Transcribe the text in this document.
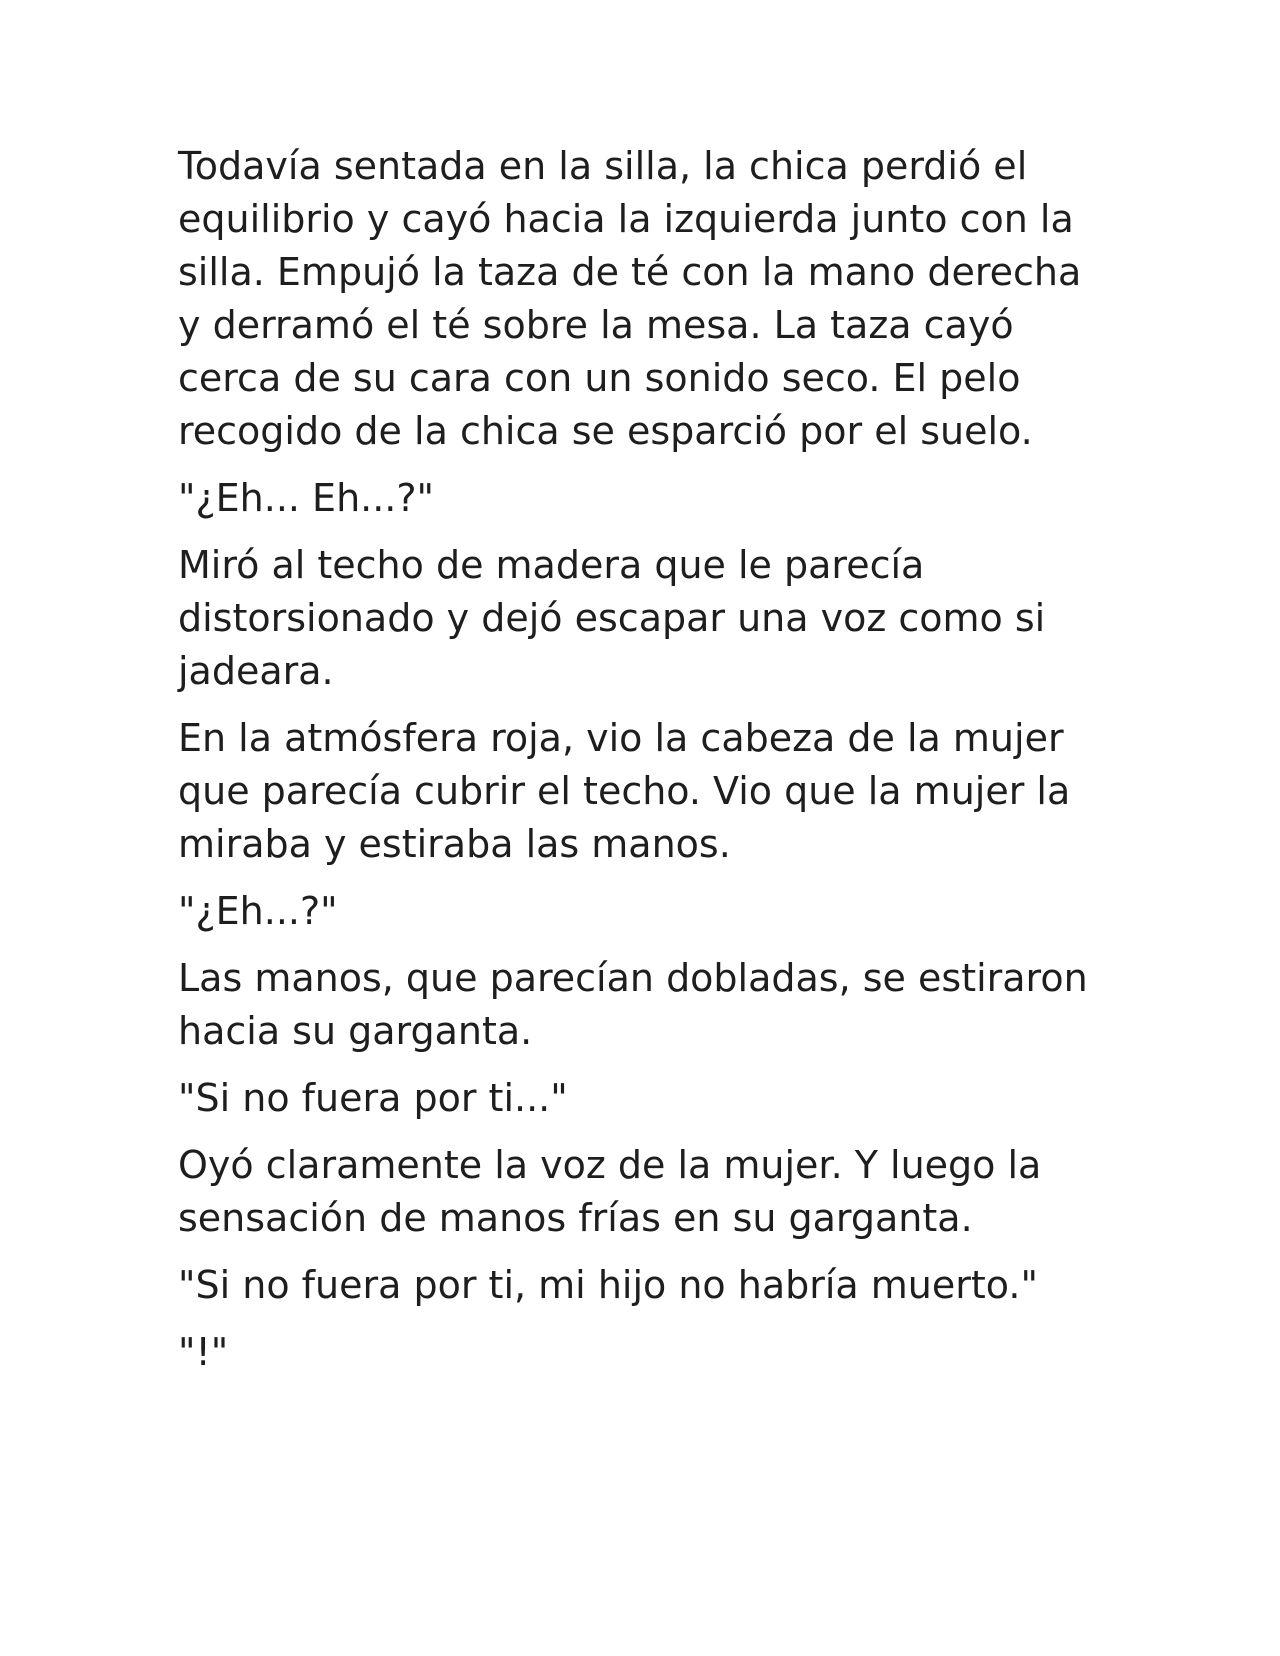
Todavía sentada en la silla, la chica perdió el
equilibrio y cayó hacia la izquierda junto con la
silla. Empujó la taza de té con la mano derecha
y derramó el té sobre la mesa. La taza cayó
cerca de su cara con un sonido seco. El pelo
recogido de la chica se esparció por el suelo.

"¿Eh... Eh...?"

Miró al techo de madera que le parecía
distorsionado y dejó escapar una voz como si
jadeara.

En la atmósfera roja, vio la cabeza de la mujer
que parecía cubrir el techo. Vio que la mujer la
miraba y estiraba las manos.

"¿Eh...?"

Las manos, que parecían dobladas, se estiraron
hacia su garganta.

"Si no fuera por ti..."

Oyó claramente la voz de la mujer. Y luego la
sensación de manos frías en su garganta.

"Si no fuera por ti, mi hijo no habría muerto."

"!"
